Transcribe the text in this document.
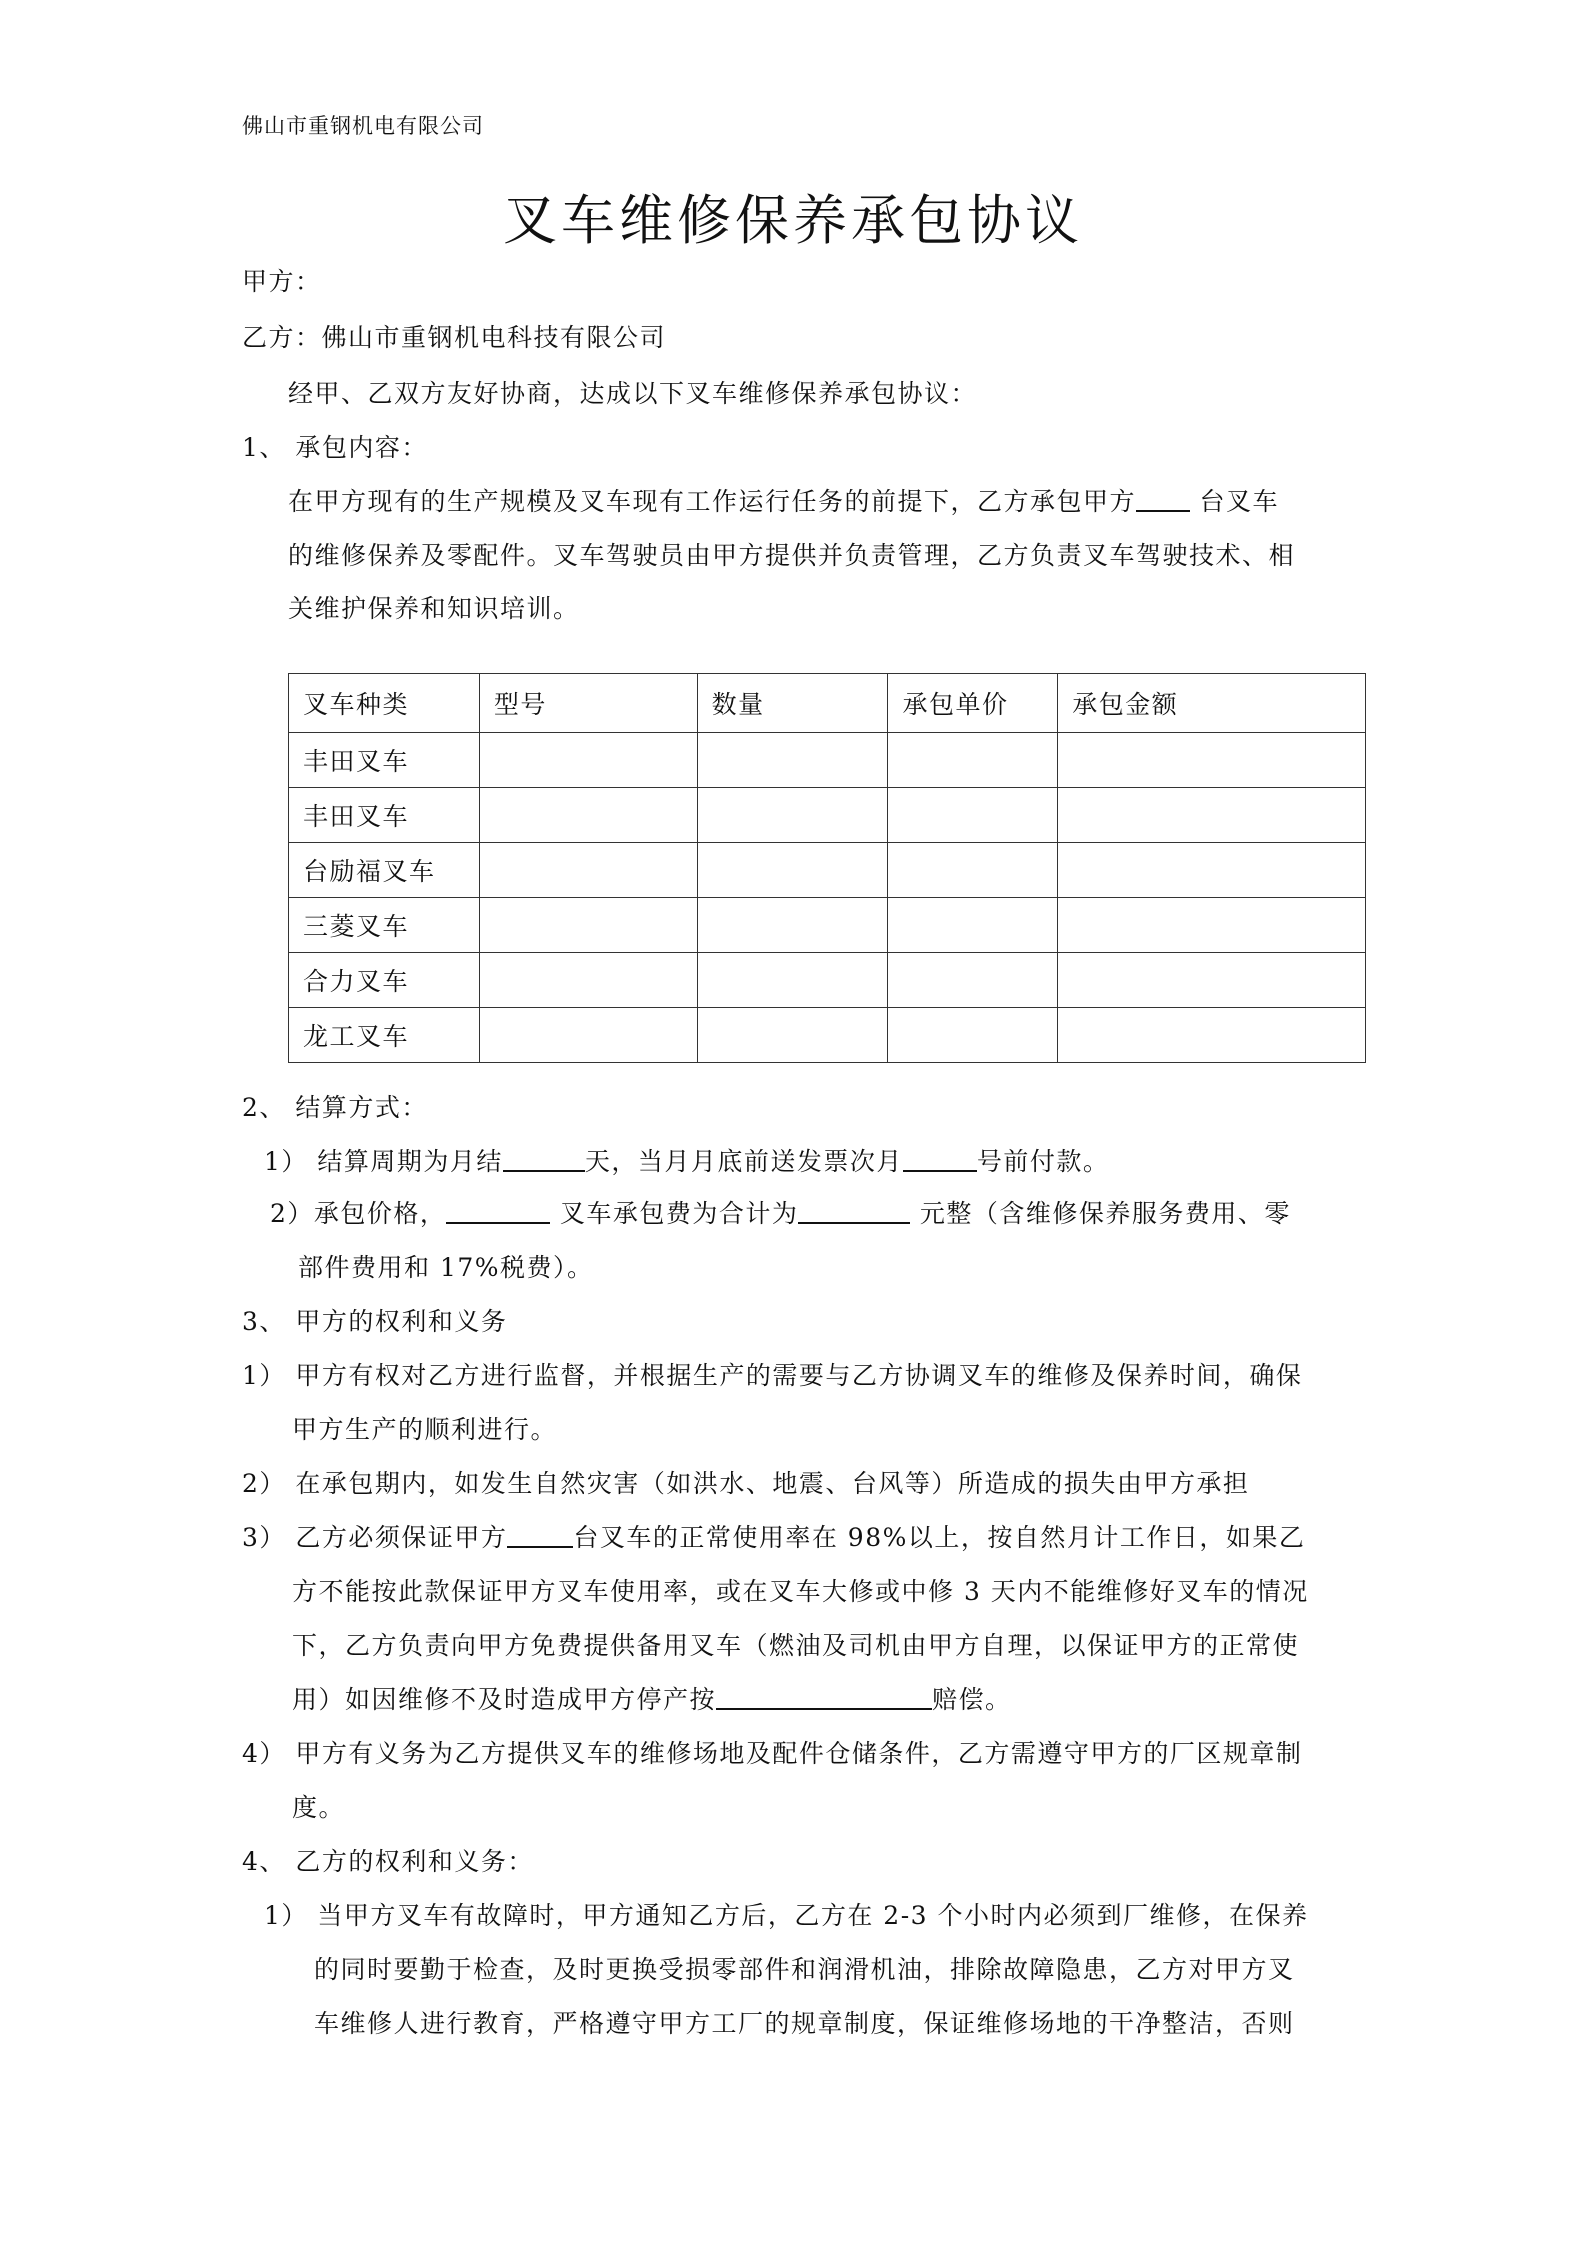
佛山市重钢机电有限公司
叉车维修保养承包协议
甲方：
乙方：佛山市重钢机电科技有限公司
经甲、乙双方友好协商，达成以下叉车维修保养承包协议：
1、 承包内容：
在甲方现有的生产规模及叉车现有工作运行任务的前提下，乙方承包甲方 台叉车
的维修保养及零配件。叉车驾驶员由甲方提供并负责管理，乙方负责叉车驾驶技术、相
关维护保养和知识培训。
叉车种类	型号	数量	承包单价	承包金额
丰田叉车				
丰田叉车				
台励福叉车				
三菱叉车				
合力叉车				
龙工叉车				
2、 结算方式：
1） 结算周期为月结	天，当月月底前送发票次月	号前付款。
2）承包价格，	叉车承包费为合计为	元整（含维修保养服务费用、零
部件费用和 17%税费）。
3、 甲方的权利和义务
1） 甲方有权对乙方进行监督，并根据生产的需要与乙方协调叉车的维修及保养时间，确保
甲方生产的顺利进行。
2） 在承包期内，如发生自然灾害（如洪水、地震、台风等）所造成的损失由甲方承担
3） 乙方必须保证甲方	台叉车的正常使用率在 98%以上，按自然月计工作日，如果乙
方不能按此款保证甲方叉车使用率，或在叉车大修或中修 3 天内不能维修好叉车的情况
下，乙方负责向甲方免费提供备用叉车（燃油及司机由甲方自理，以保证甲方的正常使
用）如因维修不及时造成甲方停产按	赔偿。
4） 甲方有义务为乙方提供叉车的维修场地及配件仓储条件，乙方需遵守甲方的厂区规章制
度。
4、 乙方的权利和义务：
1） 当甲方叉车有故障时，甲方通知乙方后，乙方在 2-3 个小时内必须到厂维修，在保养
的同时要勤于检查，及时更换受损零部件和润滑机油，排除故障隐患，乙方对甲方叉
车维修人进行教育，严格遵守甲方工厂的规章制度，保证维修场地的干净整洁，否则
